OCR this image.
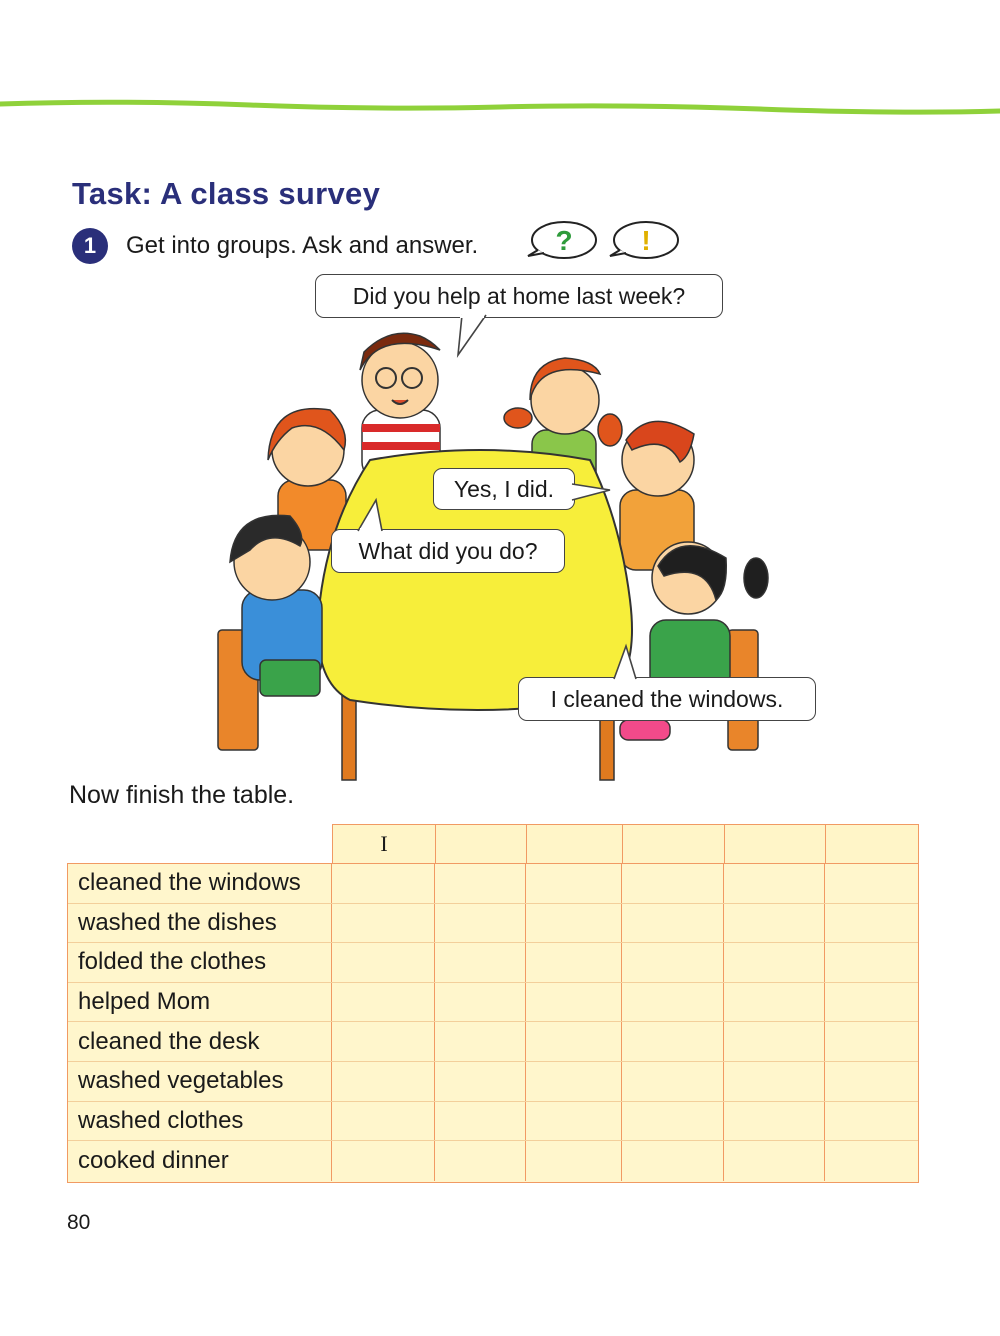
Task: A class survey
1	Get into groups. Ask and answer.	? !
Did you help at home last week?
Yes, I did.
What did you do?
I cleaned the windows.

Now finish the table.

I
cleaned the windows
washed the dishes
folded the clothes
helped Mom
cleaned the desk
washed vegetables
washed clothes
cooked dinner
80
